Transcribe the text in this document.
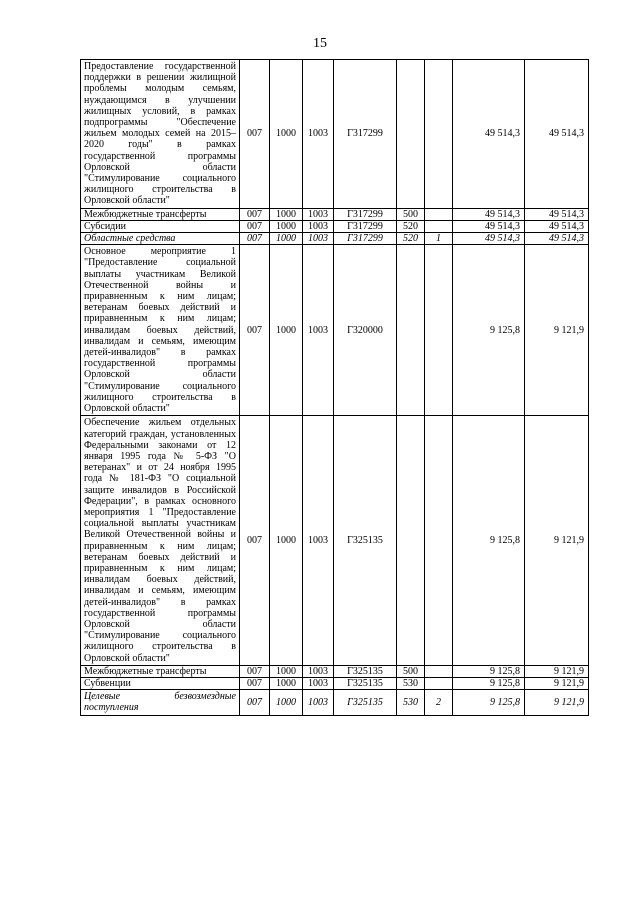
15
Предоставление государственной поддержки в решении жилищной проблемы молодым семьям, нуждающимся в улучшении жилищных условий, в рамках подпрограммы "Обеспечение жильем молодых семей на 2015–2020 годы" в рамках государственной программы Орловской области "Стимулирование социального жилищного строительства в Орловской области"	007	1000	1003	Г317299			49 514,3	49 514,3
Межбюджетные трансферты	007	1000	1003	Г317299	500		49 514,3	49 514,3
Субсидии	007	1000	1003	Г317299	520		49 514,3	49 514,3
Областные средства	007	1000	1003	Г317299	520	1	49 514,3	49 514,3
Основное мероприятие 1 "Предоставление социальной выплаты участникам Великой Отечественной войны и приравненным к ним лицам; ветеранам боевых действий и приравненным к ним лицам; инвалидам боевых действий, инвалидам и семьям, имеющим детей-инвалидов" в рамках государственной программы Орловской области "Стимулирование социального жилищного строительства в Орловской области"	007	1000	1003	Г320000			9 125,8	9 121,9
Обеспечение жильем отдельных категорий граждан, установленных Федеральными законами от 12 января 1995 года № 5-ФЗ "О ветеранах" и от 24 ноября 1995 года № 181-ФЗ "О социальной защите инвалидов в Российской Федерации", в рамках основного мероприятия 1 "Предоставление социальной выплаты участникам Великой Отечественной войны и приравненным к ним лицам; ветеранам боевых действий и приравненным к ним лицам; инвалидам боевых действий, инвалидам и семьям, имеющим детей-инвалидов" в рамках государственной программы Орловской области "Стимулирование социального жилищного строительства в Орловской области"	007	1000	1003	Г325135			9 125,8	9 121,9
Межбюджетные трансферты	007	1000	1003	Г325135	500		9 125,8	9 121,9
Субвенции	007	1000	1003	Г325135	530		9 125,8	9 121,9
Целевые безвозмездные поступления	007	1000	1003	Г325135	530	2	9 125,8	9 121,9
